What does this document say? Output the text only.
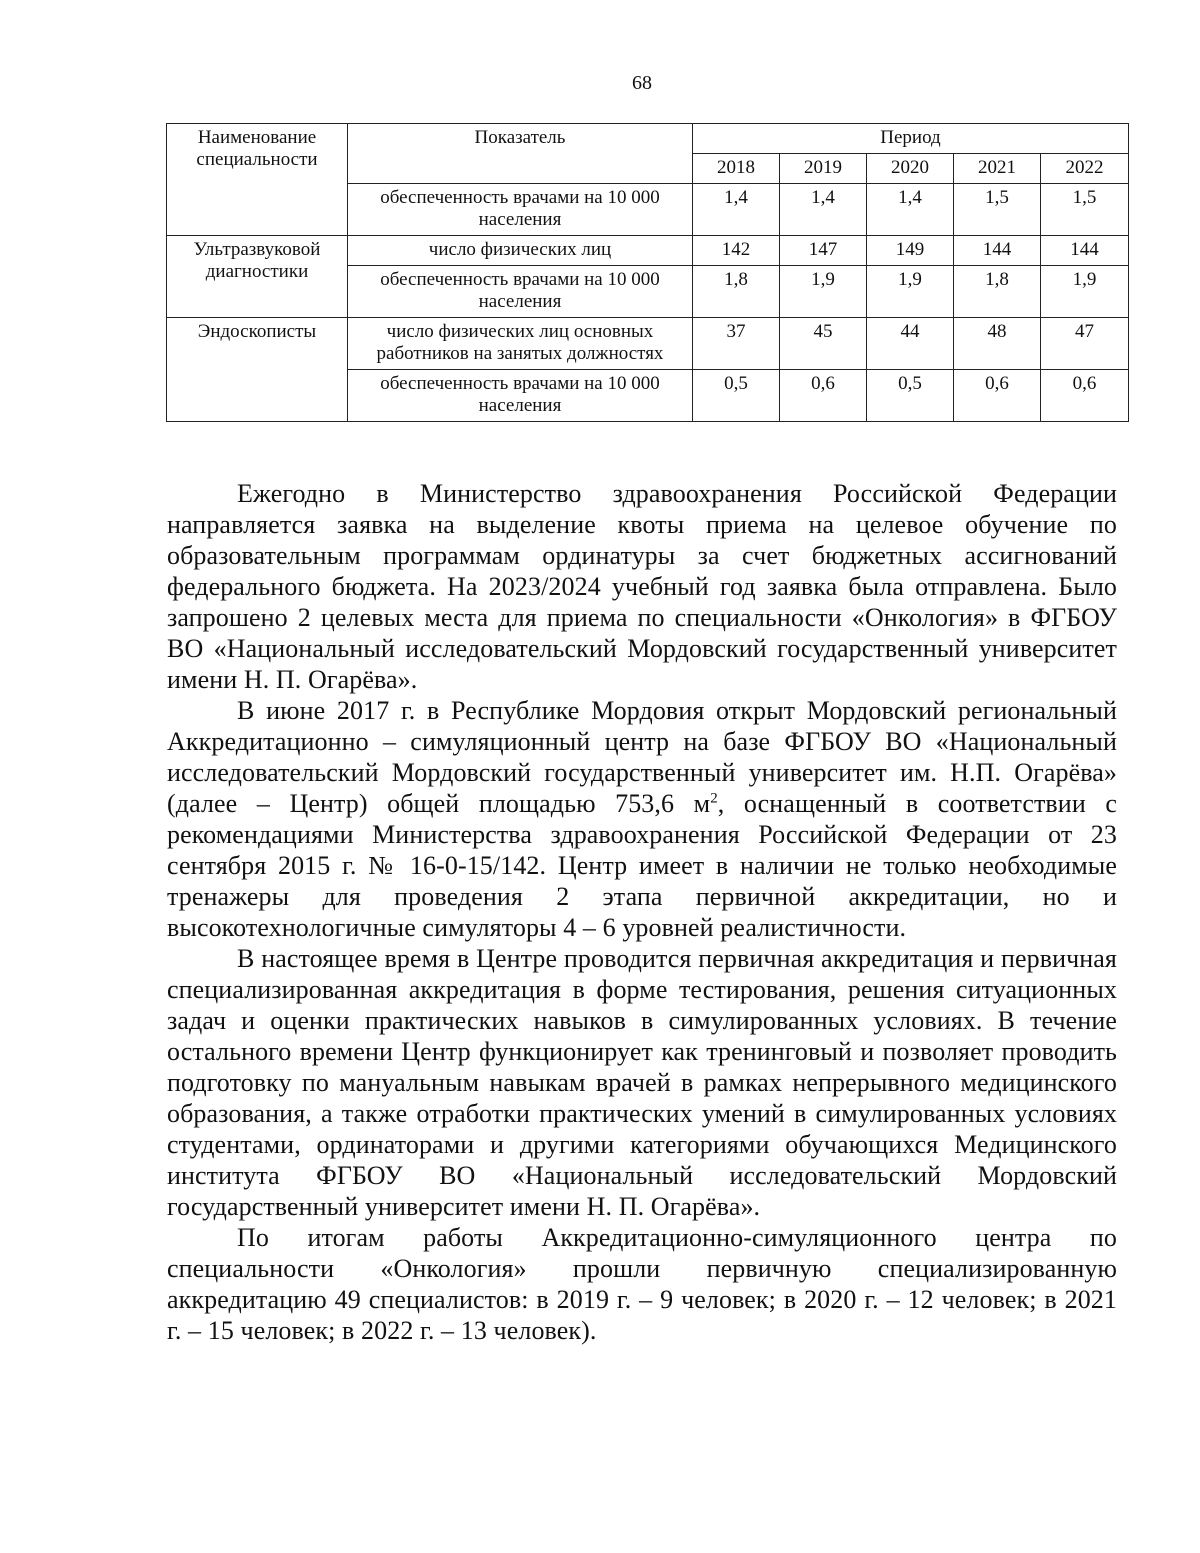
68
Наименование специальности	Показатель	Период				
		2018	2019	2020	2021	2022
	обеспеченность врачами на 10 000 населения	1,4	1,4	1,4	1,5	1,5
Ультразвуковой диагностики	число физических лиц	142	147	149	144	144
	обеспеченность врачами на 10 000 населения	1,8	1,9	1,9	1,8	1,9
Эндоскописты	число физических лиц основных работников на занятых должностях	37	45	44	48	47
	обеспеченность врачами на 10 000 населения	0,5	0,6	0,5	0,6	0,6

Ежегодно в Министерство здравоохранения Российской Федерации направляется заявка на выделение квоты приема на целевое обучение по образовательным программам ординатуры за счет бюджетных ассигнований федерального бюджета. На 2023/2024 учебный год заявка была отправлена. Было запрошено 2 целевых места для приема по специальности «Онкология» в ФГБОУ ВО «Национальный исследовательский Мордовский государственный университет имени Н. П. Огарёва».

В июне 2017 г. в Республике Мордовия открыт Мордовский региональный Аккредитационно – симуляционный центр на базе ФГБОУ ВО «Национальный исследовательский Мордовский государственный университет им. Н.П. Огарёва» (далее – Центр) общей площадью 753,6 $м^2$, оснащенный в соответствии с рекомендациями Министерства здравоохранения Российской Федерации от 23 сентября 2015 г. № 16-0-15/142. Центр имеет в наличии не только необходимые тренажеры для проведения 2 этапа первичной аккредитации, но и высокотехнологичные симуляторы 4 – 6 уровней реалистичности.

В настоящее время в Центре проводится первичная аккредитация и первичная специализированная аккредитация в форме тестирования, решения ситуационных задач и оценки практических навыков в симулированных условиях. В течение остального времени Центр функционирует как тренинговый и позволяет проводить подготовку по мануальным навыкам врачей в рамках непрерывного медицинского образования, а также отработки практических умений в симулированных условиях студентами, ординаторами и другими категориями обучающихся Медицинского института ФГБОУ ВО «Национальный исследовательский Мордовский государственный университет имени Н. П. Огарёва».

По итогам работы Аккредитационно-симуляционного центра по специальности «Онкология» прошли первичную специализированную аккредитацию 49 специалистов: в 2019 г. – 9 человек; в 2020 г. – 12 человек; в 2021 г. – 15 человек; в 2022 г. – 13 человек).
